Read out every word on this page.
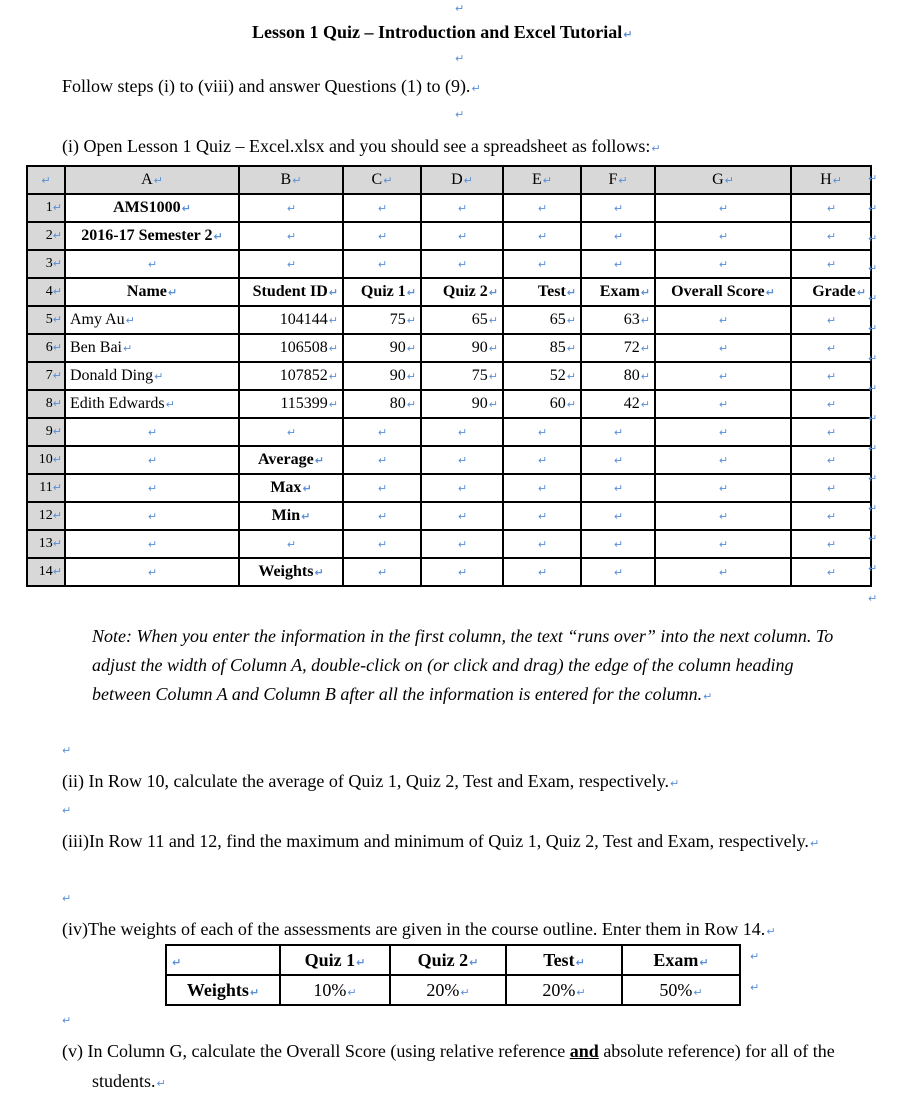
↵
Lesson 1 Quiz – Introduction and Excel Tutorial↵
↵
Follow steps (i) to (viii) and answer Questions (1) to (9).↵
↵
(i) Open Lesson 1 Quiz – Excel.xlsx and you should see a spreadsheet as follows:↵
↵	A↵	B↵	C↵	D↵	E↵	F↵	G↵	H↵
1↵	AMS1000↵	↵	↵	↵	↵	↵	↵	↵
2↵	2016-17 Semester 2↵	↵	↵	↵	↵	↵	↵	↵
3↵	↵	↵	↵	↵	↵	↵	↵	↵
4↵	Name↵	Student ID↵	Quiz 1↵	Quiz 2↵	Test↵	Exam↵	Overall Score↵	Grade↵
5↵	Amy Au↵	104144↵	75↵	65↵	65↵	63↵	↵	↵
6↵	Ben Bai↵	106508↵	90↵	90↵	85↵	72↵	↵	↵
7↵	Donald Ding↵	107852↵	90↵	75↵	52↵	80↵	↵	↵
8↵	Edith Edwards↵	115399↵	80↵	90↵	60↵	42↵	↵	↵
9↵	↵	↵	↵	↵	↵	↵	↵	↵
10↵	↵	Average↵	↵	↵	↵	↵	↵	↵
11↵	↵	Max↵	↵	↵	↵	↵	↵	↵
12↵	↵	Min↵	↵	↵	↵	↵	↵	↵
13↵	↵	↵	↵	↵	↵	↵	↵	↵
14↵	↵	Weights↵	↵	↵	↵	↵	↵	↵
↵
↵
↵
↵
↵
↵
↵
↵
↵
↵
↵
↵
↵
↵
↵
Note: When you enter the information in the first column, the text “runs over” into the next column. To adjust the width of Column A, double-click on (or click and drag) the edge of the column heading between Column A and Column B after all the information is entered for the column.↵
↵
(ii) In Row 10, calculate the average of Quiz 1, Quiz 2, Test and Exam, respectively.↵
↵
(iii)In Row 11 and 12, find the maximum and minimum of Quiz 1, Quiz 2, Test and Exam, respectively.↵
↵
(iv)The weights of each of the assessments are given in the course outline. Enter them in Row 14.↵
↵	Quiz 1↵	Quiz 2↵	Test↵	Exam↵
Weights↵	10%↵	20%↵	20%↵	50%↵
↵
↵
↵
(v) In Column G, calculate the Overall Score (using relative reference and absolute reference) for all of the students.↵
